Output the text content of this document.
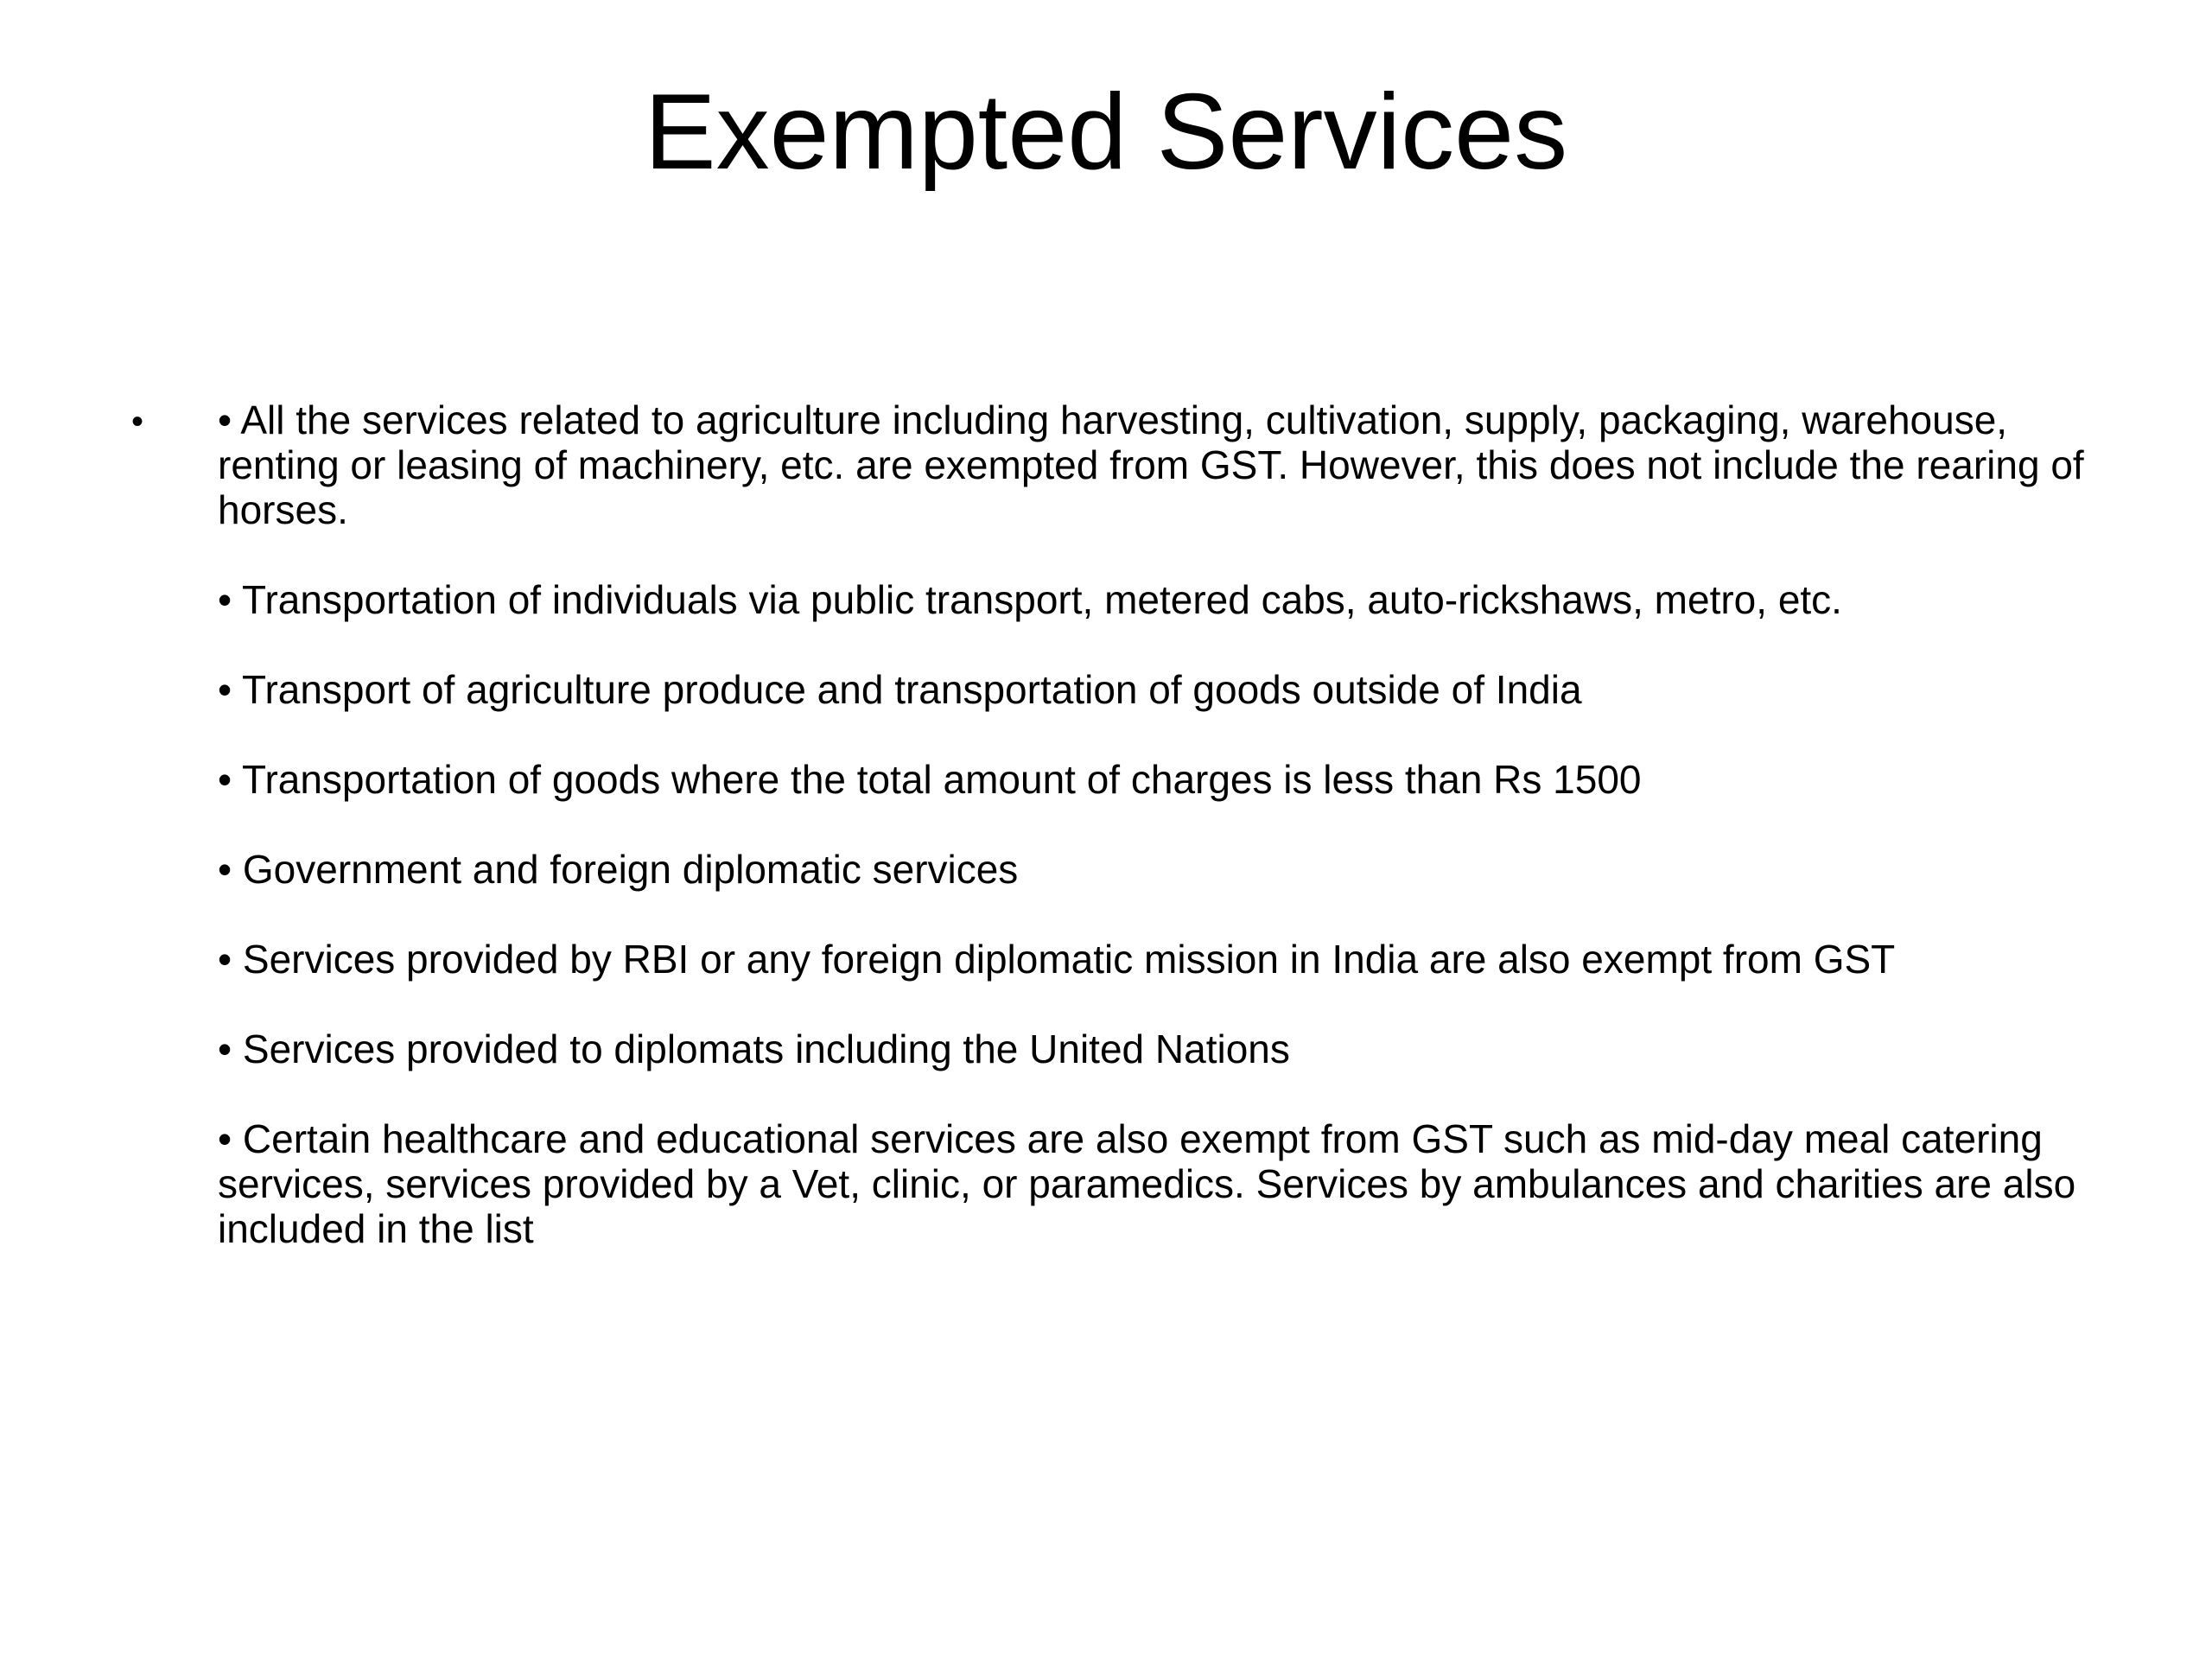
Exempted Services
• • All the services related to agriculture including harvesting, cultivation, supply, packaging, warehouse, renting or leasing of machinery, etc. are exempted from GST. However, this does not include the rearing of horses.

• Transportation of individuals via public transport, metered cabs, auto-rickshaws, metro, etc.

• Transport of agriculture produce and transportation of goods outside of India

• Transportation of goods where the total amount of charges is less than Rs 1500

• Government and foreign diplomatic services

• Services provided by RBI or any foreign diplomatic mission in India are also exempt from GST

• Services provided to diplomats including the United Nations

• Certain healthcare and educational services are also exempt from GST such as mid-day meal catering services, services provided by a Vet, clinic, or paramedics. Services by ambulances and charities are also included in the list
